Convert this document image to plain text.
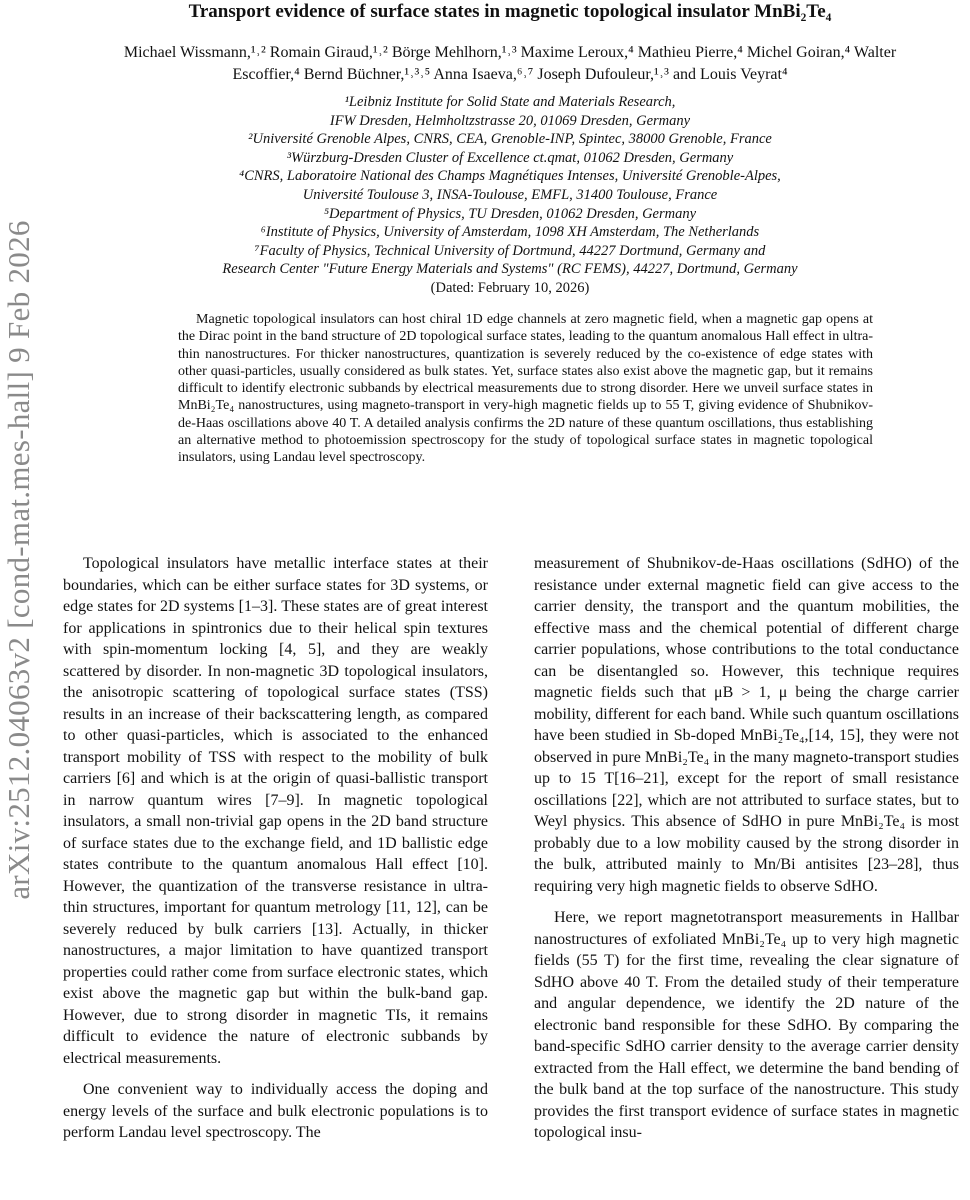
arXiv:2512.04063v2 [cond-mat.mes-hall] 9 Feb 2026
Transport evidence of surface states in magnetic topological insulator MnBi₂Te₄
Michael Wissmann,¹˒² Romain Giraud,¹˒² Börge Mehlhorn,¹˒³ Maxime Leroux,⁴ Mathieu Pierre,⁴ Michel Goiran,⁴ Walter Escoffier,⁴ Bernd Büchner,¹˒³˒⁵ Anna Isaeva,⁶˒⁷ Joseph Dufouleur,¹˒³ and Louis Veyrat⁴
¹Leibniz Institute for Solid State and Materials Research,
IFW Dresden, Helmholtzstrasse 20, 01069 Dresden, Germany
²Université Grenoble Alpes, CNRS, CEA, Grenoble-INP, Spintec, 38000 Grenoble, France
³Würzburg-Dresden Cluster of Excellence ct.qmat, 01062 Dresden, Germany
⁴CNRS, Laboratoire National des Champs Magnétiques Intenses, Université Grenoble-Alpes,
Université Toulouse 3, INSA-Toulouse, EMFL, 31400 Toulouse, France
⁵Department of Physics, TU Dresden, 01062 Dresden, Germany
⁶Institute of Physics, University of Amsterdam, 1098 XH Amsterdam, The Netherlands
⁷Faculty of Physics, Technical University of Dortmund, 44227 Dortmund, Germany and
Research Center "Future Energy Materials and Systems" (RC FEMS), 44227, Dortmund, Germany
(Dated: February 10, 2026)
Magnetic topological insulators can host chiral 1D edge channels at zero magnetic field, when a magnetic gap opens at the Dirac point in the band structure of 2D topological surface states, leading to the quantum anomalous Hall effect in ultra-thin nanostructures. For thicker nanostructures, quantization is severely reduced by the co-existence of edge states with other quasi-particles, usually considered as bulk states. Yet, surface states also exist above the magnetic gap, but it remains difficult to identify electronic subbands by electrical measurements due to strong disorder. Here we unveil surface states in MnBi₂Te₄ nanostructures, using magneto-transport in very-high magnetic fields up to 55 T, giving evidence of Shubnikov-de-Haas oscillations above 40 T. A detailed analysis confirms the 2D nature of these quantum oscillations, thus establishing an alternative method to photoemission spectroscopy for the study of topological surface states in magnetic topological insulators, using Landau level spectroscopy.

Topological insulators have metallic interface states at their boundaries, which can be either surface states for 3D systems, or edge states for 2D systems [1–3]. These states are of great interest for applications in spintronics due to their helical spin textures with spin-momentum locking [4, 5], and they are weakly scattered by disorder. In non-magnetic 3D topological insulators, the anisotropic scattering of topological surface states (TSS) results in an increase of their backscattering length, as compared to other quasi-particles, which is associated to the enhanced transport mobility of TSS with respect to the mobility of bulk carriers [6] and which is at the origin of quasi-ballistic transport in narrow quantum wires [7–9]. In magnetic topological insulators, a small non-trivial gap opens in the 2D band structure of surface states due to the exchange field, and 1D ballistic edge states contribute to the quantum anomalous Hall effect [10]. However, the quantization of the transverse resistance in ultra-thin structures, important for quantum metrology [11, 12], can be severely reduced by bulk carriers [13]. Actually, in thicker nanostructures, a major limitation to have quantized transport properties could rather come from surface electronic states, which exist above the magnetic gap but within the bulk-band gap. However, due to strong disorder in magnetic TIs, it remains difficult to evidence the nature of electronic subbands by electrical measurements.

One convenient way to individually access the doping and energy levels of the surface and bulk electronic populations is to perform Landau level spectroscopy. The

measurement of Shubnikov-de-Haas oscillations (SdHO) of the resistance under external magnetic field can give access to the carrier density, the transport and the quantum mobilities, the effective mass and the chemical potential of different charge carrier populations, whose contributions to the total conductance can be disentangled so. However, this technique requires magnetic fields such that μB > 1, μ being the charge carrier mobility, different for each band. While such quantum oscillations have been studied in Sb-doped MnBi₂Te₄,[14, 15], they were not observed in pure MnBi₂Te₄ in the many magneto-transport studies up to 15 T[16–21], except for the report of small resistance oscillations [22], which are not attributed to surface states, but to Weyl physics. This absence of SdHO in pure MnBi₂Te₄ is most probably due to a low mobility caused by the strong disorder in the bulk, attributed mainly to Mn/Bi antisites [23–28], thus requiring very high magnetic fields to observe SdHO.

Here, we report magnetotransport measurements in Hallbar nanostructures of exfoliated MnBi₂Te₄ up to very high magnetic fields (55 T) for the first time, revealing the clear signature of SdHO above 40 T. From the detailed study of their temperature and angular dependence, we identify the 2D nature of the electronic band responsible for these SdHO. By comparing the band-specific SdHO carrier density to the average carrier density extracted from the Hall effect, we determine the band bending of the bulk band at the top surface of the nanostructure. This study provides the first transport evidence of surface states in magnetic topological insu-
